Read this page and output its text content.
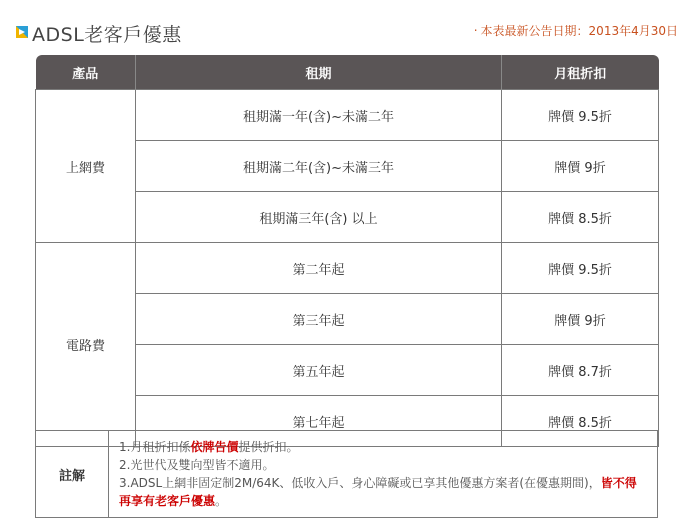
ADSL老客戶優惠	‧ 本表最新公告日期：2013年4月30日
產品	租期	月租折扣
上網費	租期滿一年(含)~未滿二年	牌價 9.5折
	租期滿二年(含)~未滿三年	牌價 9折
	租期滿三年(含) 以上	牌價 8.5折
電路費	第二年起	牌價 9.5折
	第三年起	牌價 9折
	第五年起	牌價 8.7折
	第七年起	牌價 8.5折
註解	
1.月租折扣係依牌告價提供折扣。
2.光世代及雙向型皆不適用。
3.ADSL上網非固定制2M/64K、低收入戶、身心障礙或已享其他優惠方案者(在優惠期間)，皆不得再享有老客戶優惠。
